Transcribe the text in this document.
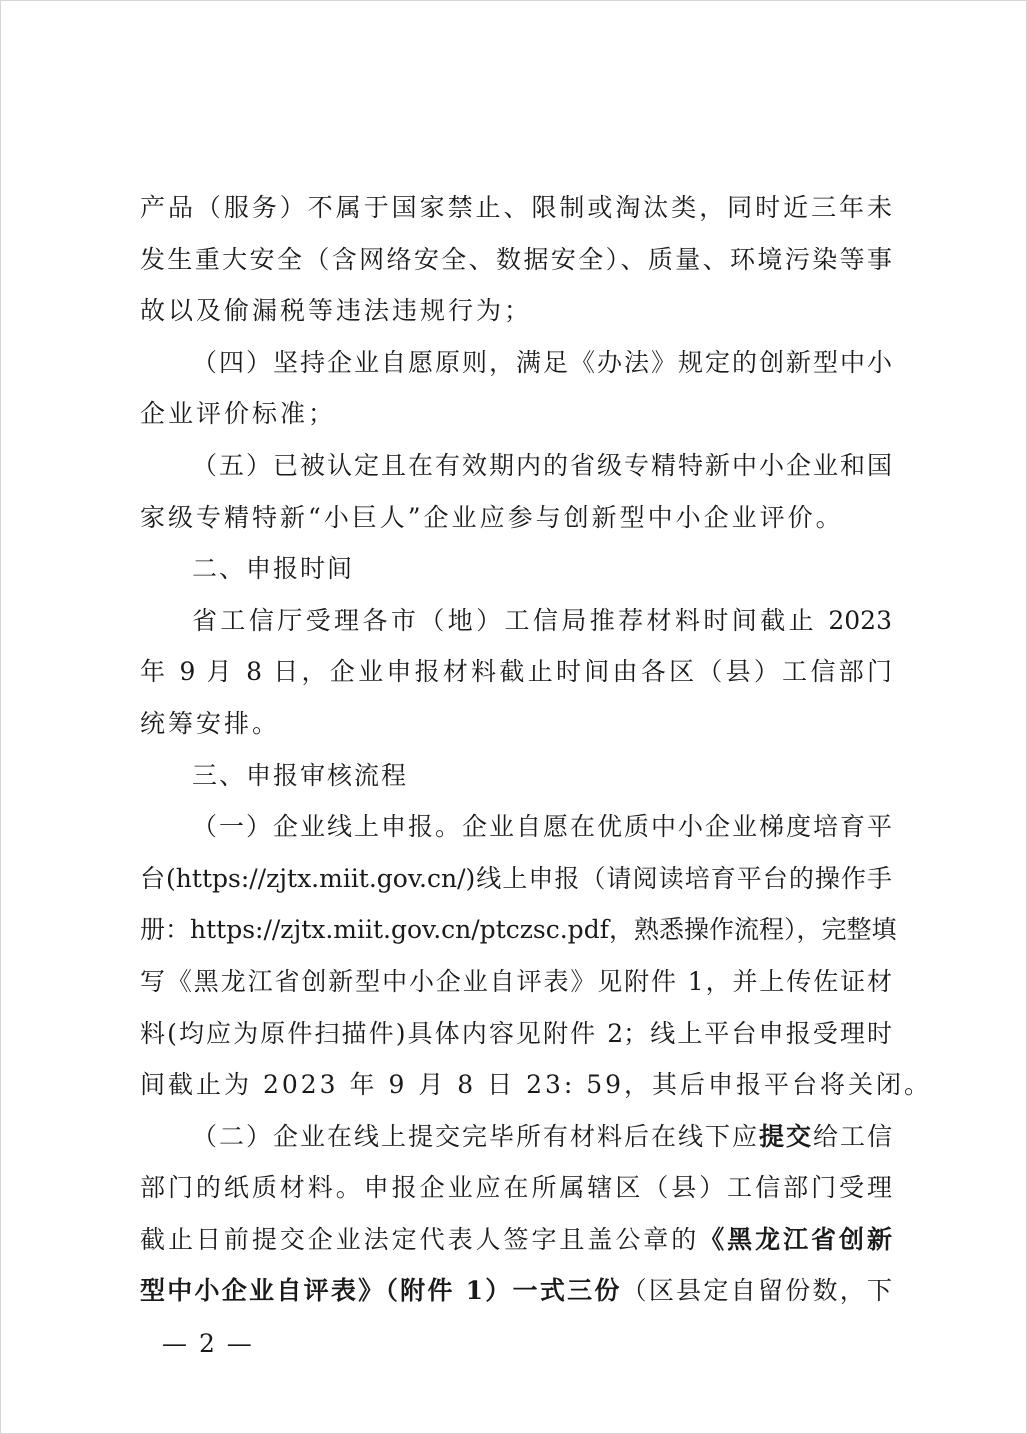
产品（服务）不属于国家禁止、限制或淘汰类，同时近三年未
发生重大安全（含网络安全、数据安全）、质量、环境污染等事
故以及偷漏税等违法违规行为；
（四）坚持企业自愿原则，满足《办法》规定的创新型中小
企业评价标准；
（五）已被认定且在有效期内的省级专精特新中小企业和国
家级专精特新“小巨人”企业应参与创新型中小企业评价。
二、申报时间
省工信厅受理各市（地）工信局推荐材料时间截止 2023
年 9 月 8 日，企业申报材料截止时间由各区（县）工信部门
统筹安排。
三、申报审核流程
（一）企业线上申报。企业自愿在优质中小企业梯度培育平
台(https://zjtx.miit.gov.cn/)线上申报（请阅读培育平台的操作手
册：https://zjtx.miit.gov.cn/ptczsc.pdf，熟悉操作流程），完整填
写《黑龙江省创新型中小企业自评表》见附件 1，并上传佐证材
料(均应为原件扫描件)具体内容见附件 2；线上平台申报受理时
间截止为 2023 年 9 月 8 日 23: 59，其后申报平台将关闭。
（二）企业在线上提交完毕所有材料后在线下应提交给工信
部门的纸质材料。申报企业应在所属辖区（县）工信部门受理
截止日前提交企业法定代表人签字且盖公章的《黑龙江省创新
型中小企业自评表》（附件 1）一式三份（区县定自留份数，下
— 2 —
